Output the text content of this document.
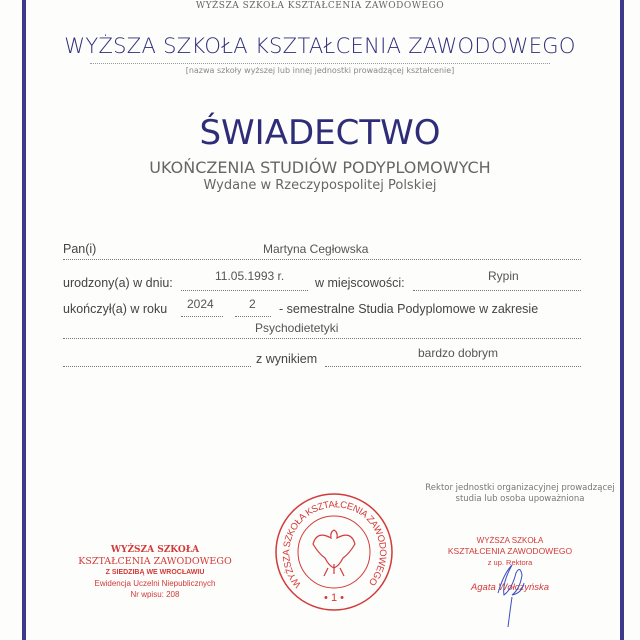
WYŻSZA SZKOŁA KSZTAŁCENIA ZAWODOWEGO
WYŻSZA SZKOŁA KSZTAŁCENIA ZAWODOWEGO
[nazwa szkoły wyższej lub innej jednostki prowadzącej kształcenie]
ŚWIADECTWO
UKOŃCZENIA STUDIÓW PODYPLOMOWYCH
Wydane w Rzeczypospolitej Polskiej
Pan(i)	Martyna Cegłowska
urodzony(a) w dniu:	11.05.1993 r. w miejscowości:	Rypin
ukończył(a) w roku 2024	2 - semestralne Studia Podyplomowe w zakresie
Psychodietetyki
z wynikiem	bardzo dobrym
WYŻSZA SZKOŁA
KSZTAŁCENIA ZAWODOWEGO
Z SIEDZIBĄ WE WROCŁAWIU
Ewidencja Uczelni Niepublicznych
Nr wpisu: 208
WYŻSZA SZKOŁA KSZTAŁCENIA ZAWODOWEGO
• 1 •
Rektor jednostki organizacyjnej prowadzącej
studia lub osoba upoważniona
WYŻSZA SZKOŁA
KSZTAŁCENIA ZAWODOWEGO
z up. Rektora
Agata Wołczyńska
